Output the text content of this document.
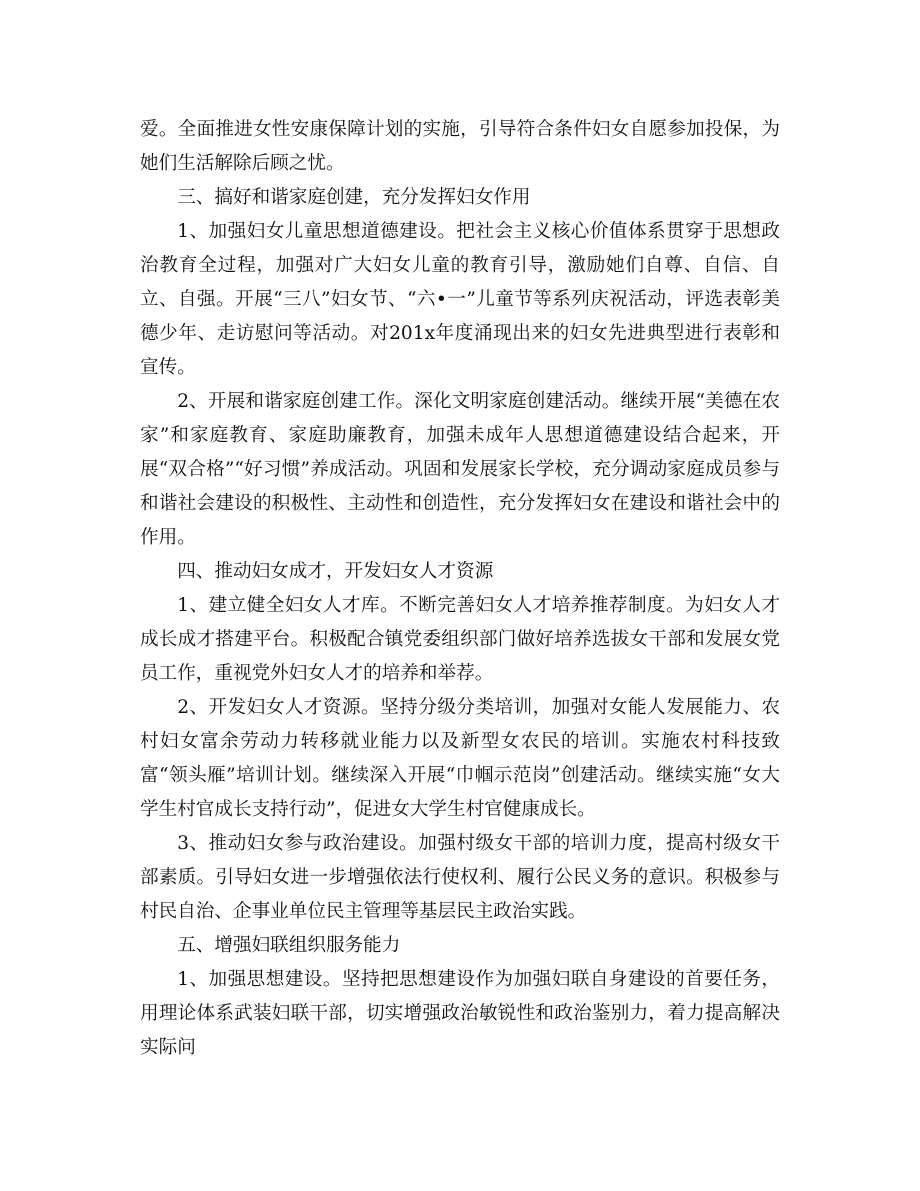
爱。全面推进女性安康保障计划的实施，引导符合条件妇女自愿参加投保，为她们生活解除后顾之忧。

三、搞好和谐家庭创建，充分发挥妇女作用

1、加强妇女儿童思想道德建设。把社会主义核心价值体系贯穿于思想政治教育全过程，加强对广大妇女儿童的教育引导，激励她们自尊、自信、自立、自强。开展“三八”妇女节、“六•一”儿童节等系列庆祝活动，评选表彰美德少年、走访慰问等活动。对201x年度涌现出来的妇女先进典型进行表彰和宣传。

2、开展和谐家庭创建工作。深化文明家庭创建活动。继续开展“美德在农家”和家庭教育、家庭助廉教育，加强未成年人思想道德建设结合起来，开展“双合格”“好习惯”养成活动。巩固和发展家长学校，充分调动家庭成员参与和谐社会建设的积极性、主动性和创造性，充分发挥妇女在建设和谐社会中的作用。

四、推动妇女成才，开发妇女人才资源

1、建立健全妇女人才库。不断完善妇女人才培养推荐制度。为妇女人才成长成才搭建平台。积极配合镇党委组织部门做好培养选拔女干部和发展女党员工作，重视党外妇女人才的培养和举荐。

2、开发妇女人才资源。坚持分级分类培训，加强对女能人发展能力、农村妇女富余劳动力转移就业能力以及新型女农民的培训。实施农村科技致富“领头雁”培训计划。继续深入开展“巾帼示范岗”创建活动。继续实施“女大学生村官成长支持行动”，促进女大学生村官健康成长。

3、推动妇女参与政治建设。加强村级女干部的培训力度，提高村级女干部素质。引导妇女进一步增强依法行使权利、履行公民义务的意识。积极参与村民自治、企事业单位民主管理等基层民主政治实践。

五、增强妇联组织服务能力

1、加强思想建设。坚持把思想建设作为加强妇联自身建设的首要任务，用理论体系武装妇联干部，切实增强政治敏锐性和政治鉴别力，着力提高解决实际问
